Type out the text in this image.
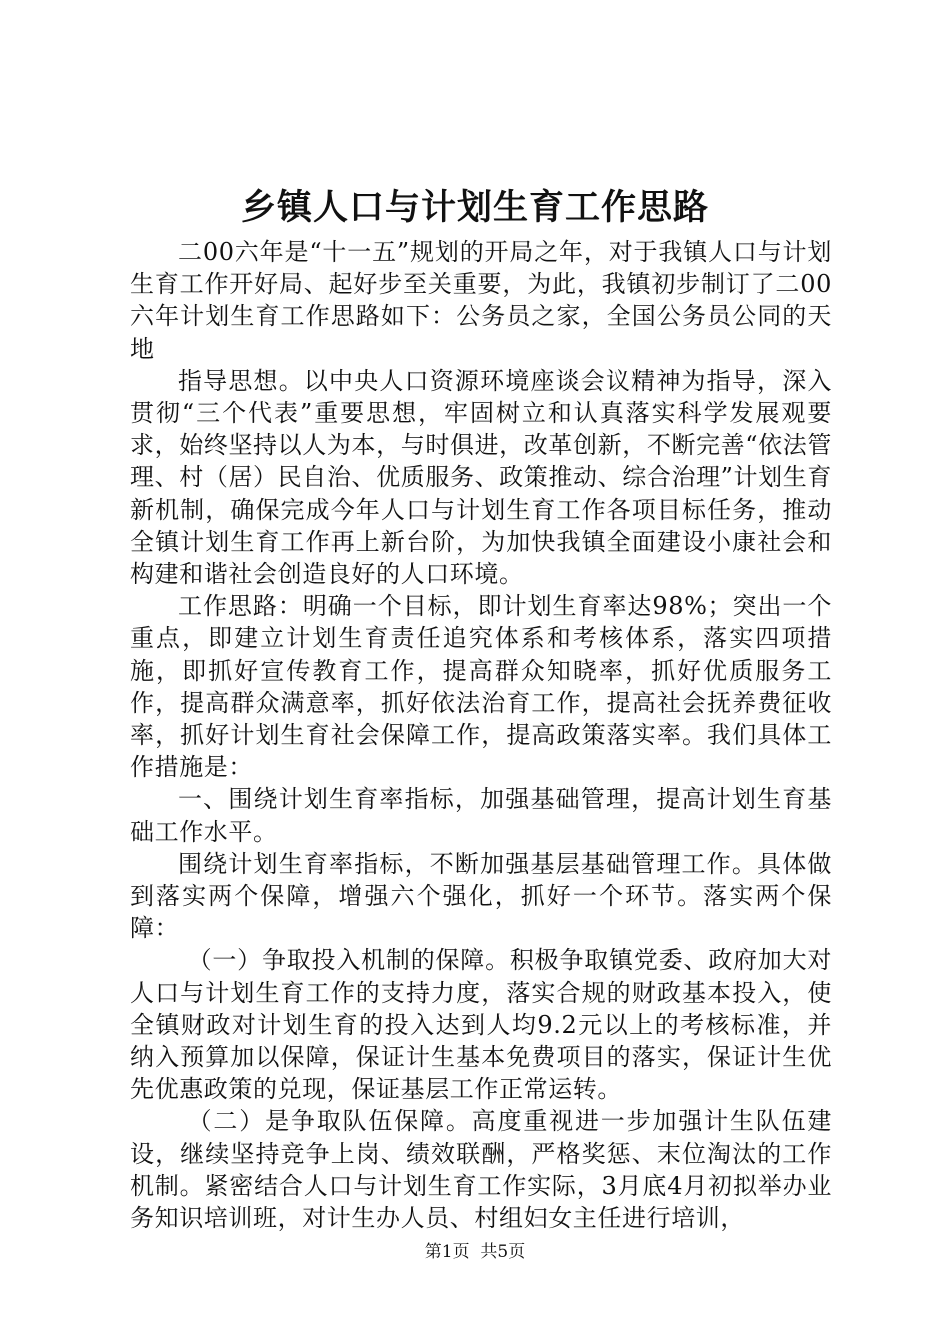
乡镇人口与计划生育工作思路

二00六年是“十一五”规划的开局之年，对于我镇人口与计划生育工作开好局、起好步至关重要，为此，我镇初步制订了二00六年计划生育工作思路如下：公务员之家，全国公务员公同的天地

指导思想。以中央人口资源环境座谈会议精神为指导，深入贯彻“三个代表”重要思想，牢固树立和认真落实科学发展观要求，始终坚持以人为本，与时俱进，改革创新，不断完善“依法管理、村（居）民自治、优质服务、政策推动、综合治理”计划生育新机制，确保完成今年人口与计划生育工作各项目标任务，推动全镇计划生育工作再上新台阶，为加快我镇全面建设小康社会和构建和谐社会创造良好的人口环境。

工作思路：明确一个目标，即计划生育率达98%；突出一个重点，即建立计划生育责任追究体系和考核体系，落实四项措施，即抓好宣传教育工作，提高群众知晓率，抓好优质服务工作，提高群众满意率，抓好依法治育工作，提高社会抚养费征收率，抓好计划生育社会保障工作，提高政策落实率。我们具体工作措施是：

一、围绕计划生育率指标，加强基础管理，提高计划生育基础工作水平。

围绕计划生育率指标，不断加强基层基础管理工作。具体做到落实两个保障，增强六个强化，抓好一个环节。落实两个保障：

（一）争取投入机制的保障。积极争取镇党委、政府加大对人口与计划生育工作的支持力度，落实合规的财政基本投入，使全镇财政对计划生育的投入达到人均9.2元以上的考核标准，并纳入预算加以保障，保证计生基本免费项目的落实，保证计生优先优惠政策的兑现，保证基层工作正常运转。

（二）是争取队伍保障。高度重视进一步加强计生队伍建设，继续坚持竞争上岗、绩效联酬，严格奖惩、末位淘汰的工作机制。紧密结合人口与计划生育工作实际，3月底4月初拟举办业务知识培训班，对计生办人员、村组妇女主任进行培训，

第1页 共5页
